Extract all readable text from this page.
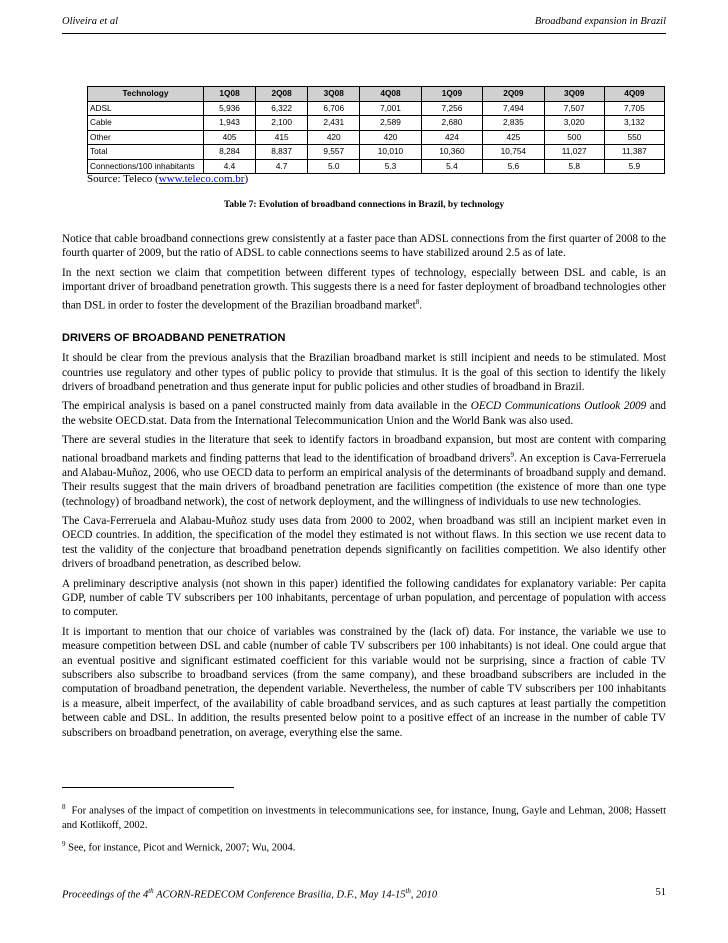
Oliveira et al	Broadband expansion in Brazil
Technology	1Q08	2Q08	3Q08	4Q08	1Q09	2Q09	3Q09	4Q09
ADSL	5,936	6,322	6,706	7,001	7,256	7,494	7,507	7,705
Cable	1,943	2,100	2,431	2,589	2,680	2,835	3,020	3,132
Other	405	415	420	420	424	425	500	550
Total	8,284	8,837	9,557	10,010	10,360	10,754	11,027	11,387
Connections/100 inhabitants	4.4	4.7	5.0	5.3	5.4	5.6	5.8	5.9
Source: Teleco (www.teleco.com.br)
Table 7: Evolution of broadband connections in Brazil, by technology

Notice that cable broadband connections grew consistently at a faster pace than ADSL connections from the first quarter of 2008 to the fourth quarter of 2009, but the ratio of ADSL to cable connections seems to have stabilized around 2.5 as of late.

In the next section we claim that competition between different types of technology, especially between DSL and cable, is an important driver of broadband penetration growth. This suggests there is a need for faster deployment of broadband technologies other than DSL in order to foster the development of the Brazilian broadband market$^8$.

DRIVERS OF BROADBAND PENETRATION

It should be clear from the previous analysis that the Brazilian broadband market is still incipient and needs to be stimulated. Most countries use regulatory and other types of public policy to provide that stimulus. It is the goal of this section to identify the likely drivers of broadband penetration and thus generate input for public policies and other studies of broadband in Brazil.

The empirical analysis is based on a panel constructed mainly from data available in the OECD Communications Outlook 2009 and the website OECD.stat. Data from the International Telecommunication Union and the World Bank was also used.

There are several studies in the literature that seek to identify factors in broadband expansion, but most are content with comparing national broadband markets and finding patterns that lead to the identification of broadband drivers$^9$. An exception is Cava-Ferreruela and Alabau-Muñoz, 2006, who use OECD data to perform an empirical analysis of the determinants of broadband supply and demand. Their results suggest that the main drivers of broadband penetration are facilities competition (the existence of more than one type (technology) of broadband network), the cost of network deployment, and the willingness of individuals to use new technologies.

The Cava-Ferreruela and Alabau-Muñoz study uses data from 2000 to 2002, when broadband was still an incipient market even in OECD countries. In addition, the specification of the model they estimated is not without flaws. In this section we use recent data to test the validity of the conjecture that broadband penetration depends significantly on facilities competition. We also identify other drivers of broadband penetration, as described below.

A preliminary descriptive analysis (not shown in this paper) identified the following candidates for explanatory variable: Per capita GDP, number of cable TV subscribers per 100 inhabitants, percentage of urban population, and percentage of population with access to computer.

It is important to mention that our choice of variables was constrained by the (lack of) data. For instance, the variable we use to measure competition between DSL and cable (number of cable TV subscribers per 100 inhabitants) is not ideal. One could argue that an eventual positive and significant estimated coefficient for this variable would not be surprising, since a fraction of cable TV subscribers also subscribe to broadband services (from the same company), and these broadband subscribers are included in the computation of broadband penetration, the dependent variable. Nevertheless, the number of cable TV subscribers per 100 inhabitants is a measure, albeit imperfect, of the availability of cable broadband services, and as such captures at least partially the competition between cable and DSL. In addition, the results presented below point to a positive effect of an increase in the number of cable TV subscribers on broadband penetration, on average, everything else the same.

$^8$ For analyses of the impact of competition on investments in telecommunications see, for instance, Inung, Gayle and Lehman, 2008; Hassett and Kotlikoff, 2002.
$^9$ See, for instance, Picot and Wernick, 2007; Wu, 2004.
Proceedings of the 4th ACORN-REDECOM Conference Brasilia, D.F., May 14-15th, 2010	51
